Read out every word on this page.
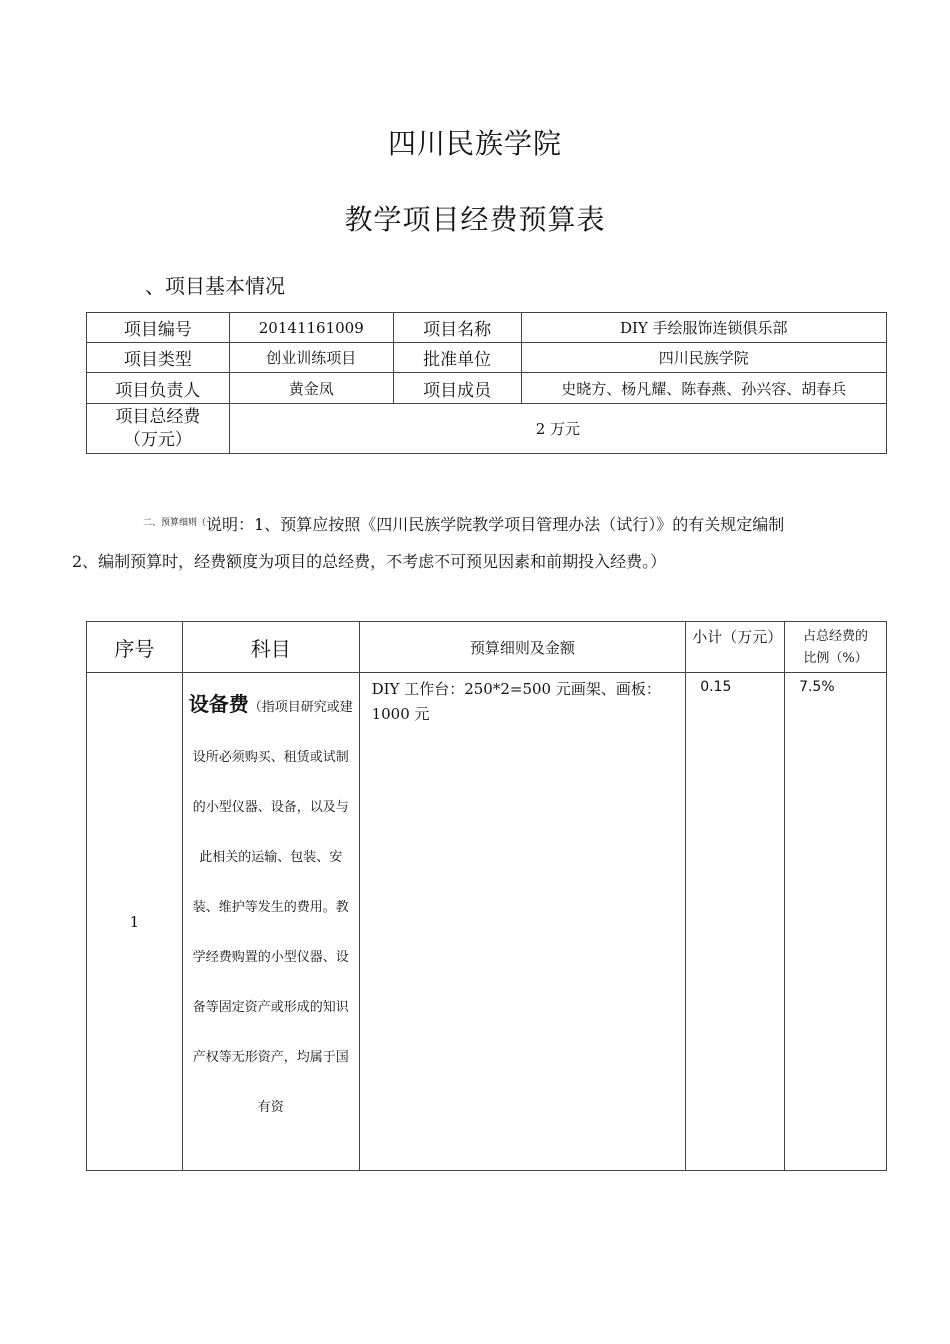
四川民族学院
教学项目经费预算表
、项目基本情况
项目编号	20141161009	项目名称	DIY 手绘服饰连锁俱乐部
项目类型	创业训练项目	批准单位	四川民族学院
项目负责人	黄金凤	项目成员	史晓方、杨凡耀、陈春燕、孙兴容、胡春兵

项目总经费
（万元）	2 万元		
$^{二、预算细则(}$说明：1、预算应按照《四川民族学院教学项目管理办法（试行）》的有关规定编制
2、编制预算时，经费额度为项目的总经费，不考虑不可预见因素和前期投入经费。）
序号	科目	预算细则及金额	小计（万元）	占总经费的
比例（%）

1	设备费（指项目研究或建设所必须购买、租赁或试制的小型仪器、设备，以及与此相关的运输、包装、安装、维护等发生的费用。教学经费购置的小型仪器、设备等固定资产或形成的知识产权等无形资产，均属于国有资	DIY 工作台：250*2=500 元画架、画板：1000 元	0.15	7.5%
